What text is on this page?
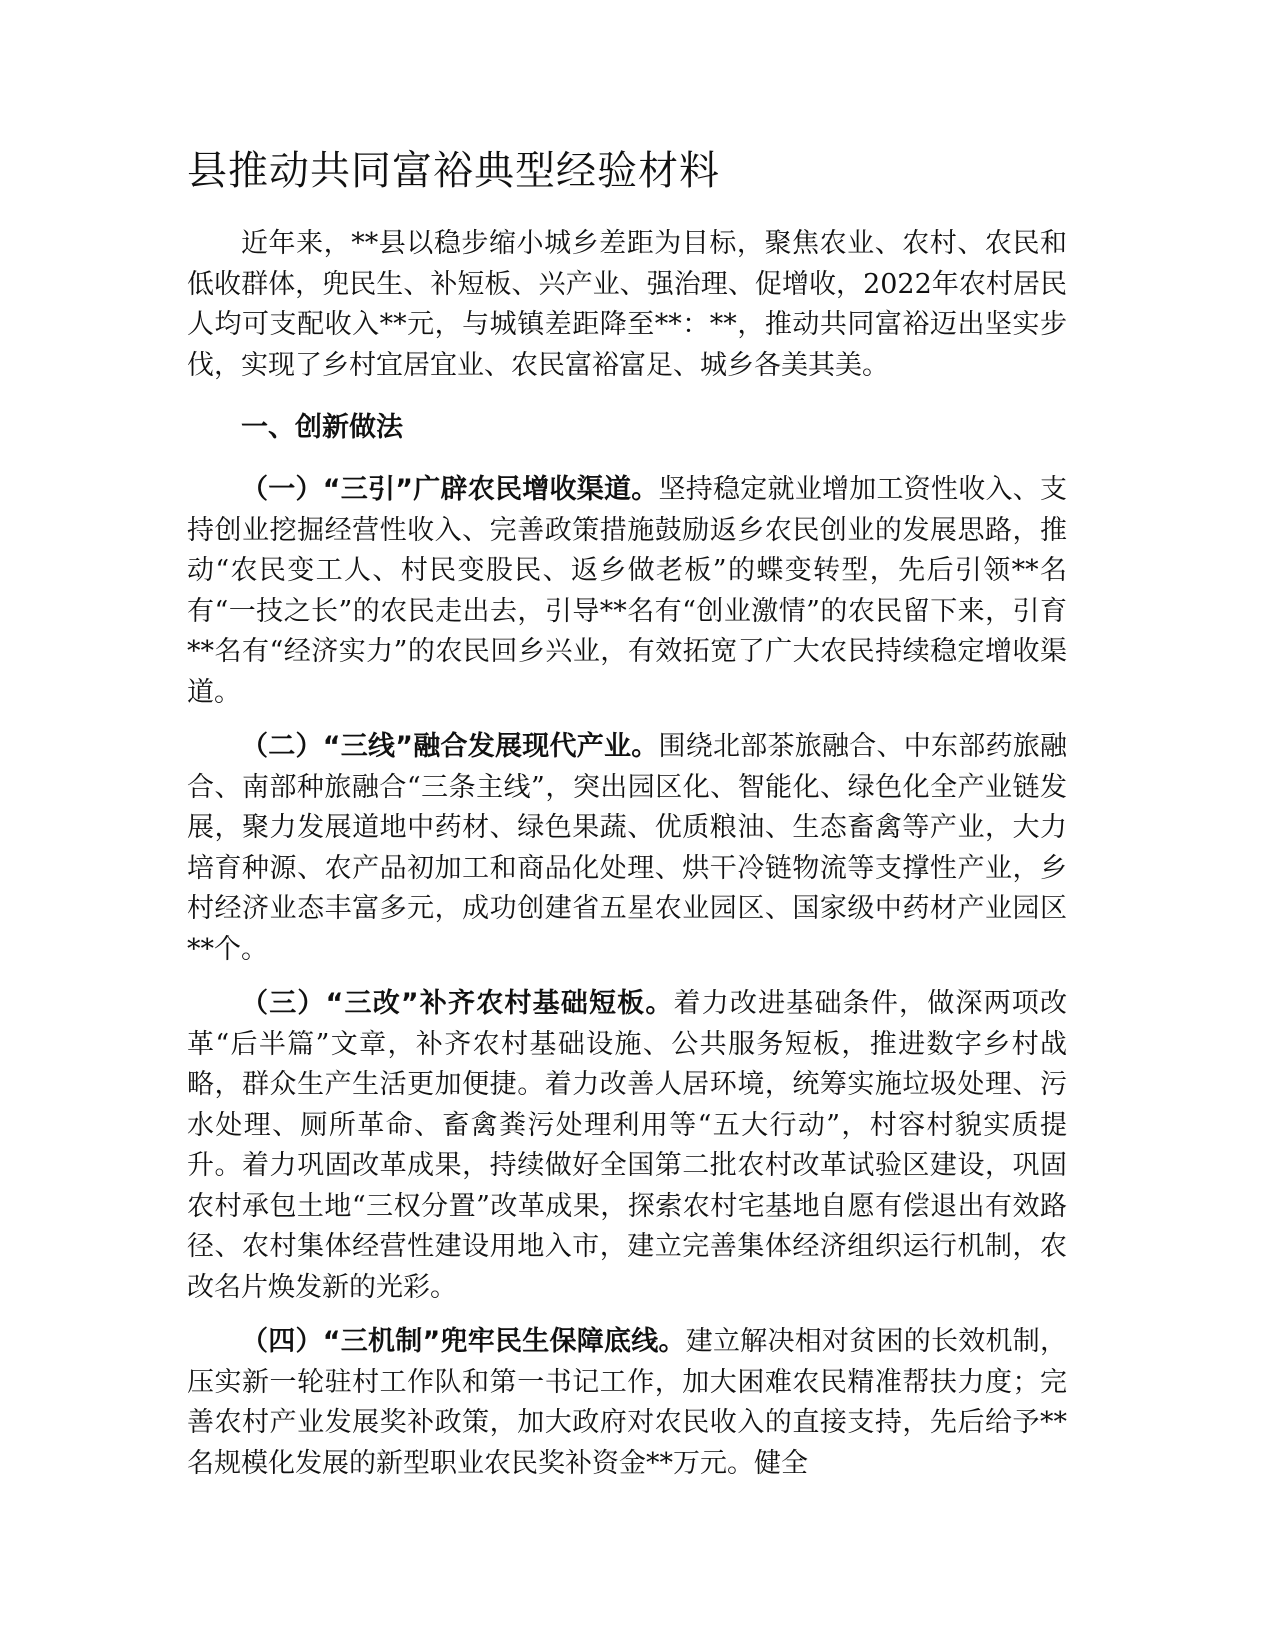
县推动共同富裕典型经验材料

近年来，**县以稳步缩小城乡差距为目标，聚焦农业、农村、农民和低收群体，兜民生、补短板、兴产业、强治理、促增收，2022年农村居民人均可支配收入**元，与城镇差距降至**：**，推动共同富裕迈出坚实步伐，实现了乡村宜居宜业、农民富裕富足、城乡各美其美。

一、创新做法

（一）“三引”广辟农民增收渠道。坚持稳定就业增加工资性收入、支持创业挖掘经营性收入、完善政策措施鼓励返乡农民创业的发展思路，推动“农民变工人、村民变股民、返乡做老板”的蝶变转型，先后引领**名有“一技之长”的农民走出去，引导**名有“创业激情”的农民留下来，引育**名有“经济实力”的农民回乡兴业，有效拓宽了广大农民持续稳定增收渠道。

（二）“三线”融合发展现代产业。围绕北部茶旅融合、中东部药旅融合、南部种旅融合“三条主线”，突出园区化、智能化、绿色化全产业链发展，聚力发展道地中药材、绿色果蔬、优质粮油、生态畜禽等产业，大力培育种源、农产品初加工和商品化处理、烘干冷链物流等支撑性产业，乡村经济业态丰富多元，成功创建省五星农业园区、国家级中药材产业园区**个。

（三）“三改”补齐农村基础短板。着力改进基础条件，做深两项改革“后半篇”文章，补齐农村基础设施、公共服务短板，推进数字乡村战略，群众生产生活更加便捷。着力改善人居环境，统筹实施垃圾处理、污水处理、厕所革命、畜禽粪污处理利用等“五大行动”，村容村貌实质提升。着力巩固改革成果，持续做好全国第二批农村改革试验区建设，巩固农村承包土地“三权分置”改革成果，探索农村宅基地自愿有偿退出有效路径、农村集体经营性建设用地入市，建立完善集体经济组织运行机制，农改名片焕发新的光彩。

（四）“三机制”兜牢民生保障底线。建立解决相对贫困的长效机制，压实新一轮驻村工作队和第一书记工作，加大困难农民精准帮扶力度；完善农村产业发展奖补政策，加大政府对农民收入的直接支持，先后给予**名规模化发展的新型职业农民奖补资金**万元。健全
